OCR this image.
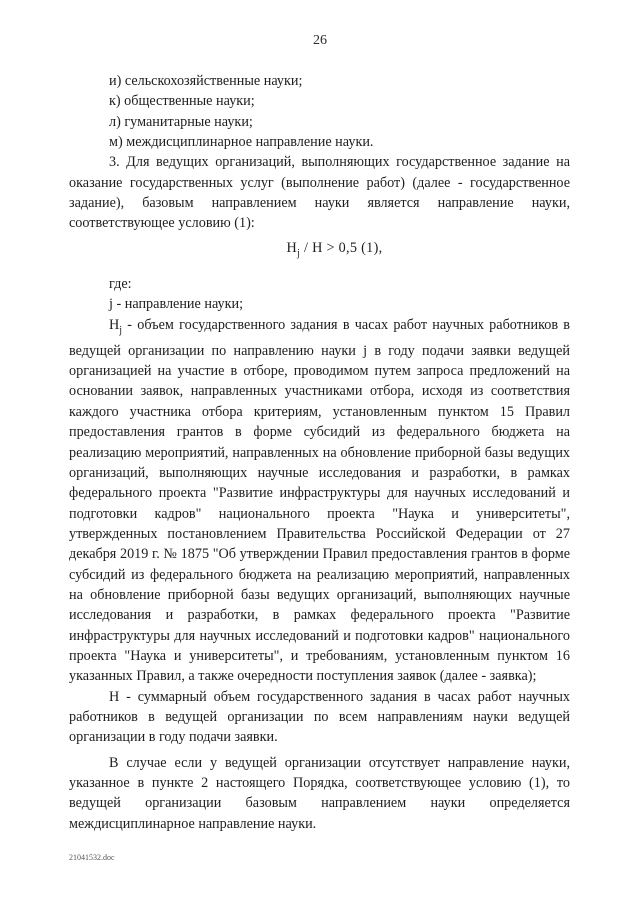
26

и) сельскохозяйственные науки;

к) общественные науки;

л) гуманитарные науки;

м) междисциплинарное направление науки.

3. Для ведущих организаций, выполняющих государственное задание на оказание государственных услуг (выполнение работ) (далее - государственное задание), базовым направлением науки является направление науки, соответствующее условию (1):

$H_j / H > 0,5$ (1),

где:

j - направление науки;

$H_j$ - объем государственного задания в часах работ научных работников в ведущей организации по направлению науки j в году подачи заявки ведущей организацией на участие в отборе, проводимом путем запроса предложений на основании заявок, направленных участниками отбора, исходя из соответствия каждого участника отбора критериям, установленным пунктом 15 Правил предоставления грантов в форме субсидий из федерального бюджета на реализацию мероприятий, направленных на обновление приборной базы ведущих организаций, выполняющих научные исследования и разработки, в рамках федерального проекта "Развитие инфраструктуры для научных исследований и подготовки кадров" национального проекта "Наука и университеты", утвержденных постановлением Правительства Российской Федерации от 27 декабря 2019 г. № 1875 "Об утверждении Правил предоставления грантов в форме субсидий из федерального бюджета на реализацию мероприятий, направленных на обновление приборной базы ведущих организаций, выполняющих научные исследования и разработки, в рамках федерального проекта "Развитие инфраструктуры для научных исследований и подготовки кадров" национального проекта "Наука и университеты", и требованиям, установленным пунктом 16 указанных Правил, а также очередности поступления заявок (далее - заявка);

H - суммарный объем государственного задания в часах работ научных работников в ведущей организации по всем направлениям науки ведущей организации в году подачи заявки.

В случае если у ведущей организации отсутствует направление науки, указанное в пункте 2 настоящего Порядка, соответствующее условию (1), то ведущей организации базовым направлением науки определяется междисциплинарное направление науки.

21041532.doc
